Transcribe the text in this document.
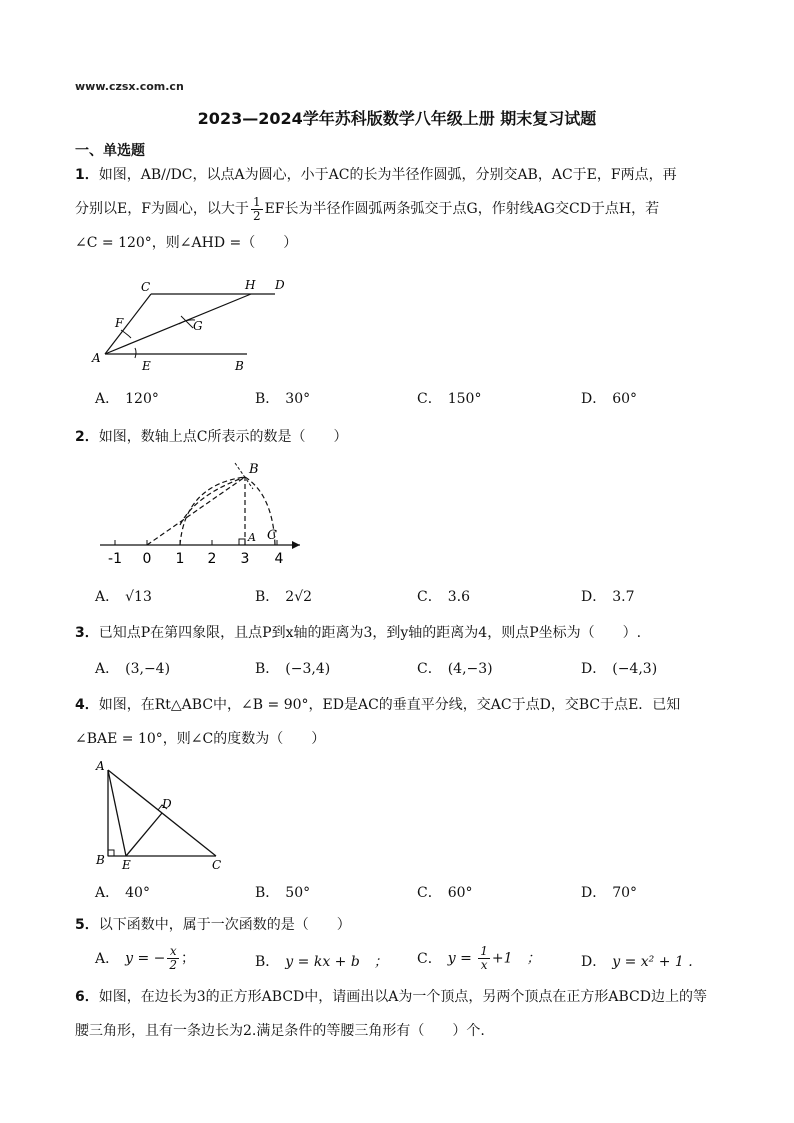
www.czsx.com.cn
2023—2024学年苏科版数学八年级上册 期末复习试题
一、单选题
1．如图，AB//DC，以点A为圆心，小于AC的长为半径作圆弧，分别交AB，AC于E，F两点，再
分别以E，F为圆心，以大于 $\frac{1}{2}$ EF长为半径作圆弧两条弧交于点G，作射线AG交CD于点H，若
∠C = 120°，则∠AHD =（　　）
C	H D
F	G
A
E	B
A． 120°	B． 30°	C． 150°	D． 60°
2．如图，数轴上点C所表示的数是（　　）
B
A C
-1 0 1 2 3 4
A． √13	B． 2√2	C． 3.6	D． 3.7
3．已知点P在第四象限，且点P到x轴的距离为3，到y轴的距离为4，则点P坐标为（　　）.
A． (3,−4)	B． (−3,4)	C． (4,−3)	D． (−4,3)
4．如图，在Rt△ABC中，∠B = 90°，ED是AC的垂直平分线，交AC于点D，交BC于点E．已知
∠BAE = 10°，则∠C的度数为（　　）
A
D
B E	C
A． 40°	B． 50°	C． 60°	D． 70°
5．以下函数中，属于一次函数的是（　　）
A． y = − $\frac{x}{2}$ ；	B． y = kx + b　； C． $y = \frac{1}{x} +1$　；	D． y = x² + 1 .
6．如图，在边长为3的正方形ABCD中，请画出以A为一个顶点，另两个顶点在正方形ABCD边上的等
腰三角形，且有一条边长为2.满足条件的等腰三角形有（　　）个.
